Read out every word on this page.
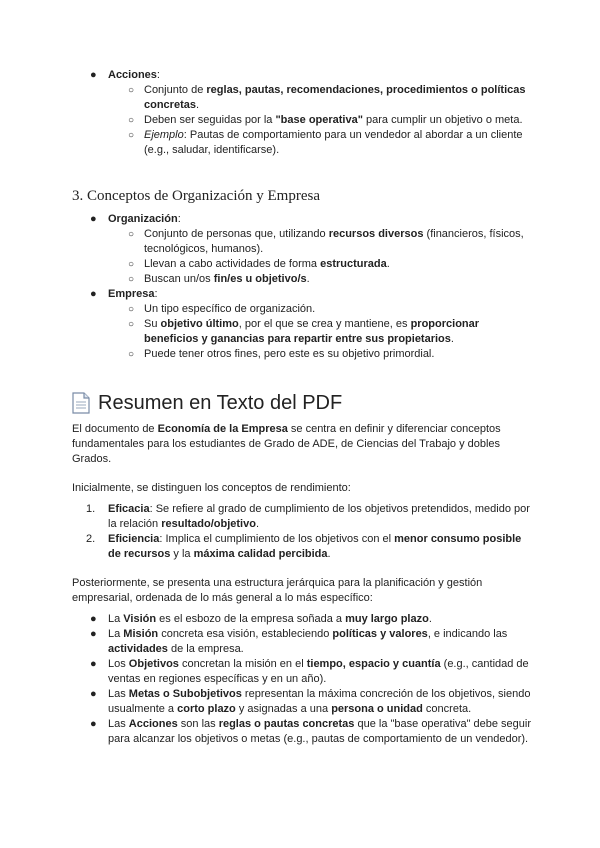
● Acciones:
○ Conjunto de reglas, pautas, recomendaciones, procedimientos o políticas concretas.
○ Deben ser seguidas por la "base operativa" para cumplir un objetivo o meta.
○ Ejemplo: Pautas de comportamiento para un vendedor al abordar a un cliente (e.g., saludar, identificarse).
3. Conceptos de Organización y Empresa
● Organización:
○ Conjunto de personas que, utilizando recursos diversos (financieros, físicos, tecnológicos, humanos).
○ Llevan a cabo actividades de forma estructurada.
○ Buscan un/os fin/es u objetivo/s.
● Empresa:
○ Un tipo específico de organización.
○ Su objetivo último, por el que se crea y mantiene, es proporcionar beneficios y ganancias para repartir entre sus propietarios.
○ Puede tener otros fines, pero este es su objetivo primordial.
Resumen en Texto del PDF
El documento de Economía de la Empresa se centra en definir y diferenciar conceptos fundamentales para los estudiantes de Grado de ADE, de Ciencias del Trabajo y dobles Grados.
Inicialmente, se distinguen los conceptos de rendimiento:
1. Eficacia: Se refiere al grado de cumplimiento de los objetivos pretendidos, medido por la relación resultado/objetivo.
2. Eficiencia: Implica el cumplimiento de los objetivos con el menor consumo posible de recursos y la máxima calidad percibida.
Posteriormente, se presenta una estructura jerárquica para la planificación y gestión empresarial, ordenada de lo más general a lo más específico:
● La Visión es el esbozo de la empresa soñada a muy largo plazo.
● La Misión concreta esa visión, estableciendo políticas y valores, e indicando las actividades de la empresa.
● Los Objetivos concretan la misión en el tiempo, espacio y cuantía (e.g., cantidad de ventas en regiones específicas y en un año).
● Las Metas o Subobjetivos representan la máxima concreción de los objetivos, siendo usualmente a corto plazo y asignadas a una persona o unidad concreta.
● Las Acciones son las reglas o pautas concretas que la "base operativa" debe seguir para alcanzar los objetivos o metas (e.g., pautas de comportamiento de un vendedor).
